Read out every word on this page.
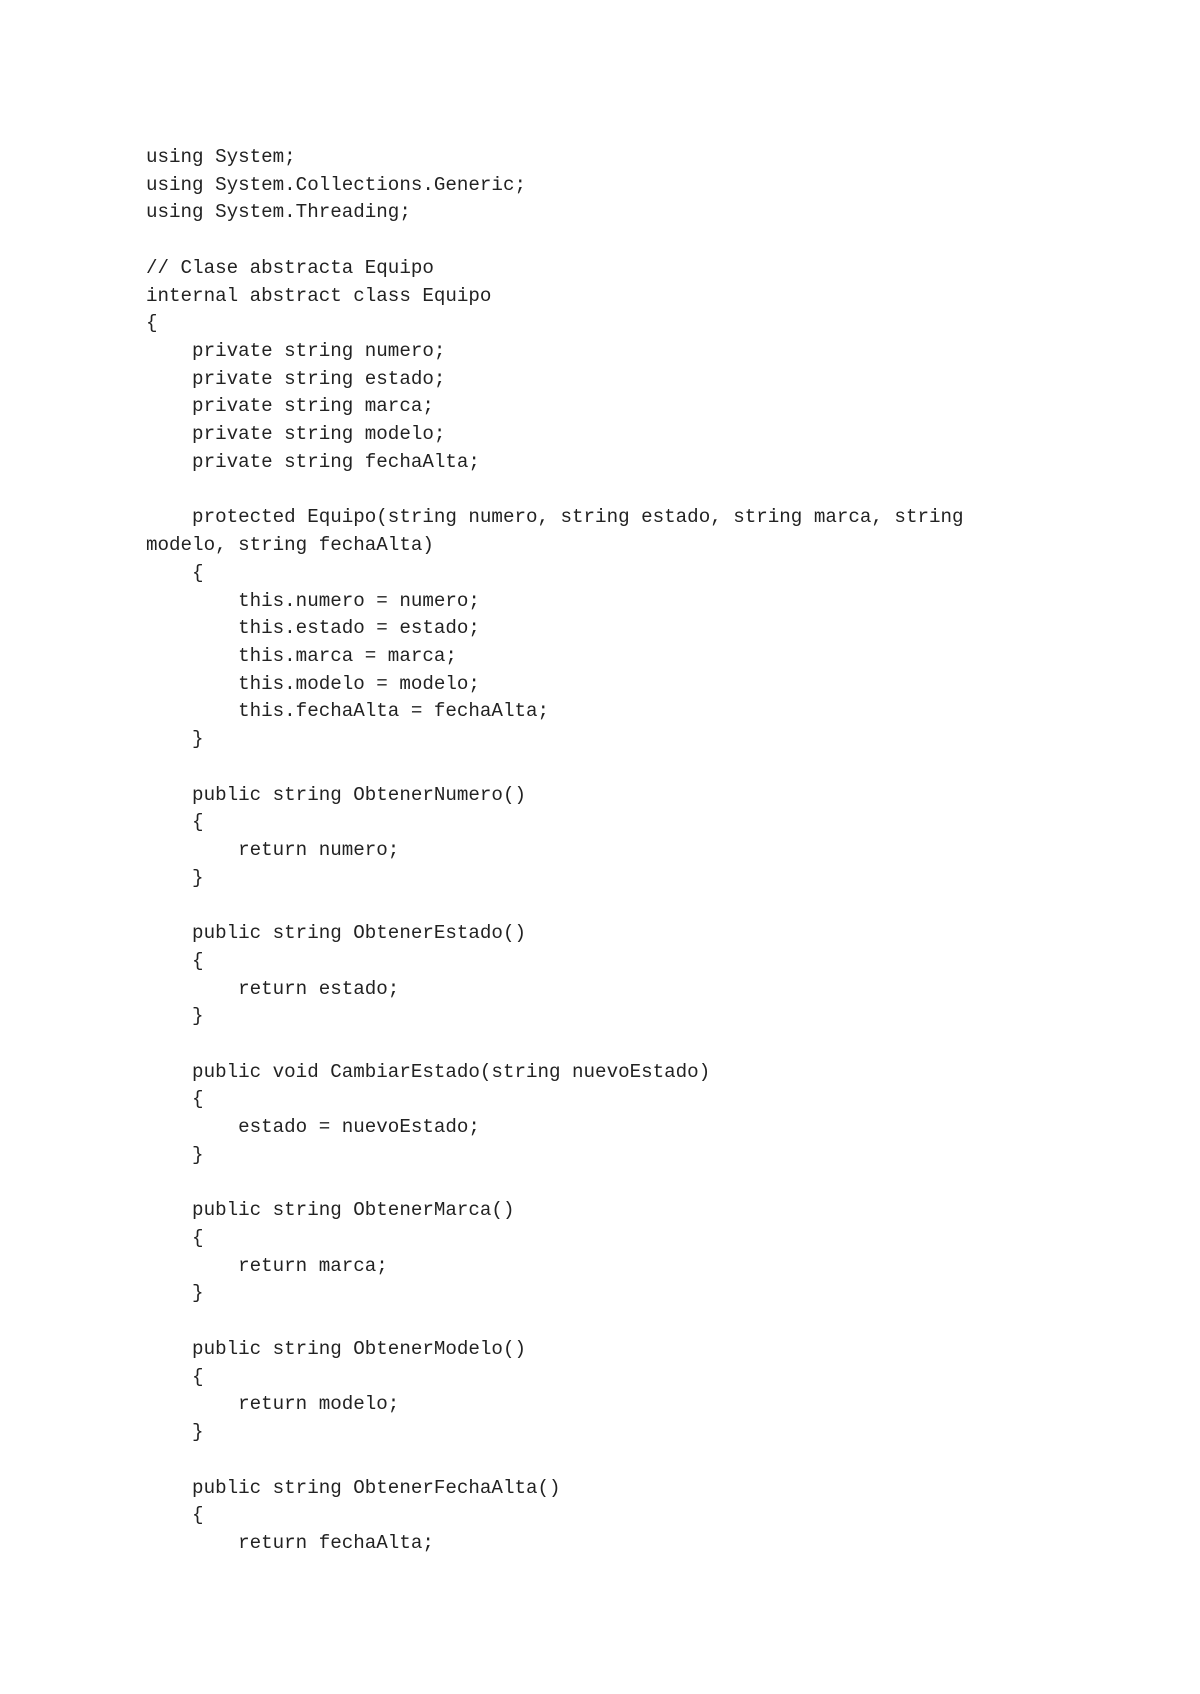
using System;
using System.Collections.Generic;
using System.Threading;
// Clase abstracta Equipo
internal abstract class Equipo
{
private string numero;
private string estado;
private string marca;
private string modelo;
private string fechaAlta;
protected Equipo(string numero, string estado, string marca, string
modelo, string fechaAlta)
{
this.numero = numero;
this.estado = estado;
this.marca = marca;
this.modelo = modelo;
this.fechaAlta = fechaAlta;
}
public string ObtenerNumero()
{
return numero;
}
public string ObtenerEstado()
{
return estado;
}
public void CambiarEstado(string nuevoEstado)
{
estado = nuevoEstado;
}
public string ObtenerMarca()
{
return marca;
}
public string ObtenerModelo()
{
return modelo;
}
public string ObtenerFechaAlta()
{
return fechaAlta;
